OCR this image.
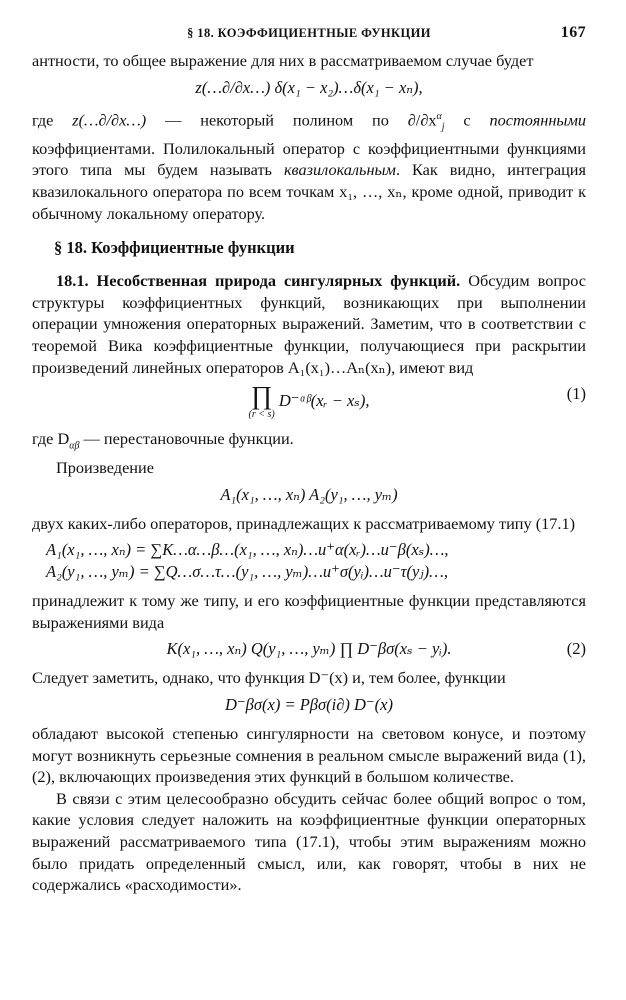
§ 18. КОЭФФИЦИЕНТНЫЕ ФУНКЦИИ	167

антности, то общее выражение для них в рассматриваемом случае будет

z(…∂/∂x…) δ(x₁ − x₂)…δ(x₁ − xₙ),

где z(…∂/∂x…) — некоторый полином по $\partial/\partial x^\alpha_j$ с постоянными коэффициентами. Полилокальный оператор с коэффициентными функциями этого типа мы будем называть квазилокальным. Как видно, интеграция квазилокального оператора по всем точкам x₁, …, xₙ, кроме одной, приводит к обычному локальному оператору.

§ 18. Коэффициентные функции

18.1. Несобственная природа сингулярных функций. Обсудим вопрос структуры коэффициентных функций, возникающих при выполнении операции умножения операторных выражений. Заметим, что в соответствии с теоремой Вика коэффициентные функции, получающиеся при раскрытии произведений линейных операторов A₁(x₁)…Aₙ(xₙ), имеют вид

∏
(r < s)
D⁻ᵅᵝ(xᵣ − xₛ),	(1)

где $D_{\alpha\beta}$ — перестановочные функции.

Произведение

A₁(x₁, …, xₙ) A₂(y₁, …, yₘ)

двух каких-либо операторов, принадлежащих к рассматриваемому типу (17.1)

A₁(x₁, …, xₙ) = ∑K…α…β…(x₁, …, xₙ)…u⁺α(xᵣ)…u⁻β(xₛ)…,
A₂(y₁, …, yₘ) = ∑Q…σ…τ…(y₁, …, yₘ)…u⁺σ(yᵢ)…u⁻τ(yⱼ)…,

принадлежит к тому же типу, и его коэффициентные функции представляются выражениями вида

K(x₁, …, xₙ) Q(y₁, …, yₘ) ∏ D⁻βσ(xₛ − yᵢ).	(2)

Следует заметить, однако, что функция D⁻(x) и, тем более, функции

D⁻βσ(x) = Pβσ(i∂) D⁻(x)

обладают высокой степенью сингулярности на световом конусе, и поэтому могут возникнуть серьезные сомнения в реальном смысле выражений вида (1), (2), включающих произведения этих функций в большом количестве.

В связи с этим целесообразно обсудить сейчас более общий вопрос о том, какие условия следует наложить на коэффициентные функции операторных выражений рассматриваемого типа (17.1), чтобы этим выражениям можно было придать определенный смысл, или, как говорят, чтобы в них не содержались «расходимости».
